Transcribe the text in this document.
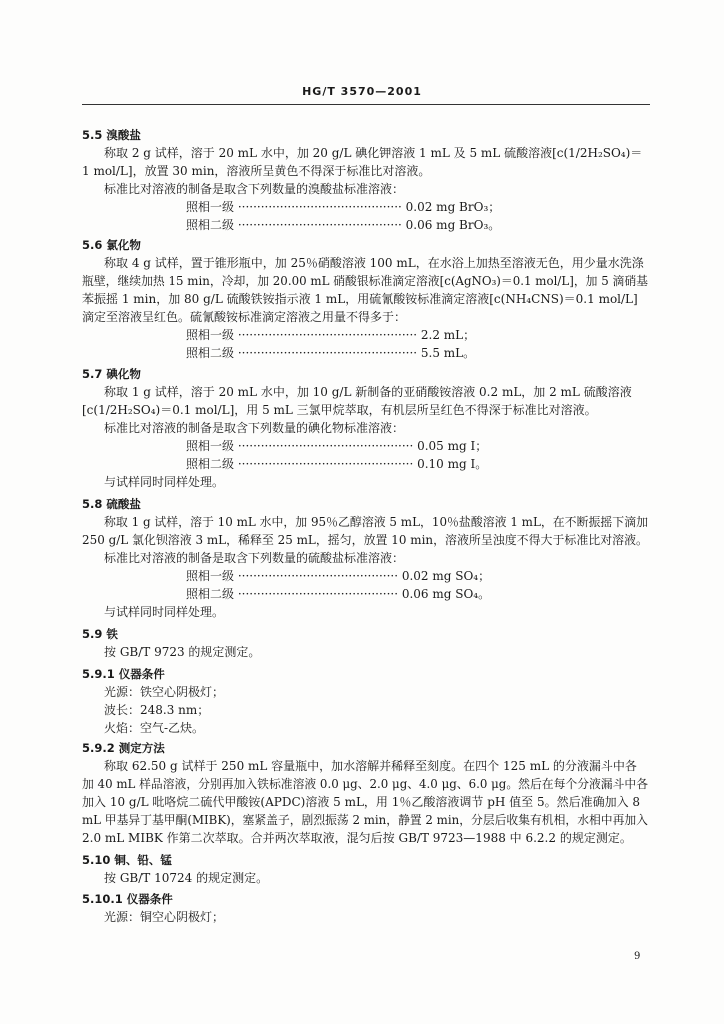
HG/T 3570—2001
5.5 溴酸盐
称取 2 g 试样，溶于 20 mL 水中，加 20 g/L 碘化钾溶液 1 mL 及 5 mL 硫酸溶液[c(1/2H₂SO₄)＝
1 mol/L]，放置 30 min，溶液所呈黄色不得深于标准比对溶液。
标准比对溶液的制备是取含下列数量的溴酸盐标准溶液：
照相一级 ··········································· 0.02 mg BrO₃；
照相二级 ··········································· 0.06 mg BrO₃。
5.6 氯化物
称取 4 g 试样，置于锥形瓶中，加 25％硝酸溶液 100 mL，在水浴上加热至溶液无色，用少量水洗涤
瓶壁，继续加热 15 min，冷却，加 20.00 mL 硝酸银标准滴定溶液[c(AgNO₃)＝0.1 mol/L]，加 5 滴硝基
苯振摇 1 min，加 80 g/L 硫酸铁铵指示液 1 mL，用硫氰酸铵标准滴定溶液[c(NH₄CNS)＝0.1 mol/L]
滴定至溶液呈红色。硫氰酸铵标准滴定溶液之用量不得多于：
照相一级 ··············································· 2.2 mL；
照相二级 ··············································· 5.5 mL。
5.7 碘化物
称取 1 g 试样，溶于 20 mL 水中，加 10 g/L 新制备的亚硝酸铵溶液 0.2 mL，加 2 mL 硫酸溶液
[c(1/2H₂SO₄)＝0.1 mol/L]，用 5 mL 三氯甲烷萃取，有机层所呈红色不得深于标准比对溶液。
标准比对溶液的制备是取含下列数量的碘化物标准溶液：
照相一级 ·············································· 0.05 mg I；
照相二级 ·············································· 0.10 mg I。
与试样同时同样处理。
5.8 硫酸盐
称取 1 g 试样，溶于 10 mL 水中，加 95％乙醇溶液 5 mL，10％盐酸溶液 1 mL，在不断振摇下滴加
250 g/L 氯化钡溶液 3 mL，稀释至 25 mL，摇匀，放置 10 min，溶液所呈浊度不得大于标准比对溶液。
标准比对溶液的制备是取含下列数量的硫酸盐标准溶液：
照相一级 ·········································· 0.02 mg SO₄；
照相二级 ·········································· 0.06 mg SO₄。
与试样同时同样处理。
5.9 铁
按 GB/T 9723 的规定测定。
5.9.1 仪器条件
光源：铁空心阴极灯；
波长：248.3 nm；
火焰：空气-乙炔。
5.9.2 测定方法
称取 62.50 g 试样于 250 mL 容量瓶中，加水溶解并稀释至刻度。在四个 125 mL 的分液漏斗中各
加 40 mL 样品溶液，分别再加入铁标准溶液 0.0 μg、2.0 μg、4.0 μg、6.0 μg。然后在每个分液漏斗中各
加入 10 g/L 吡咯烷二硫代甲酸铵(APDC)溶液 5 mL，用 1％乙酸溶液调节 pH 值至 5。然后准确加入 8
mL 甲基异丁基甲酮(MIBK)，塞紧盖子，剧烈振荡 2 min，静置 2 min，分层后收集有机相，水相中再加入
2.0 mL MIBK 作第二次萃取。合并两次萃取液，混匀后按 GB/T 9723—1988 中 6.2.2 的规定测定。
5.10 铜、铅、锰
按 GB/T 10724 的规定测定。
5.10.1 仪器条件
光源：铜空心阴极灯；
9
